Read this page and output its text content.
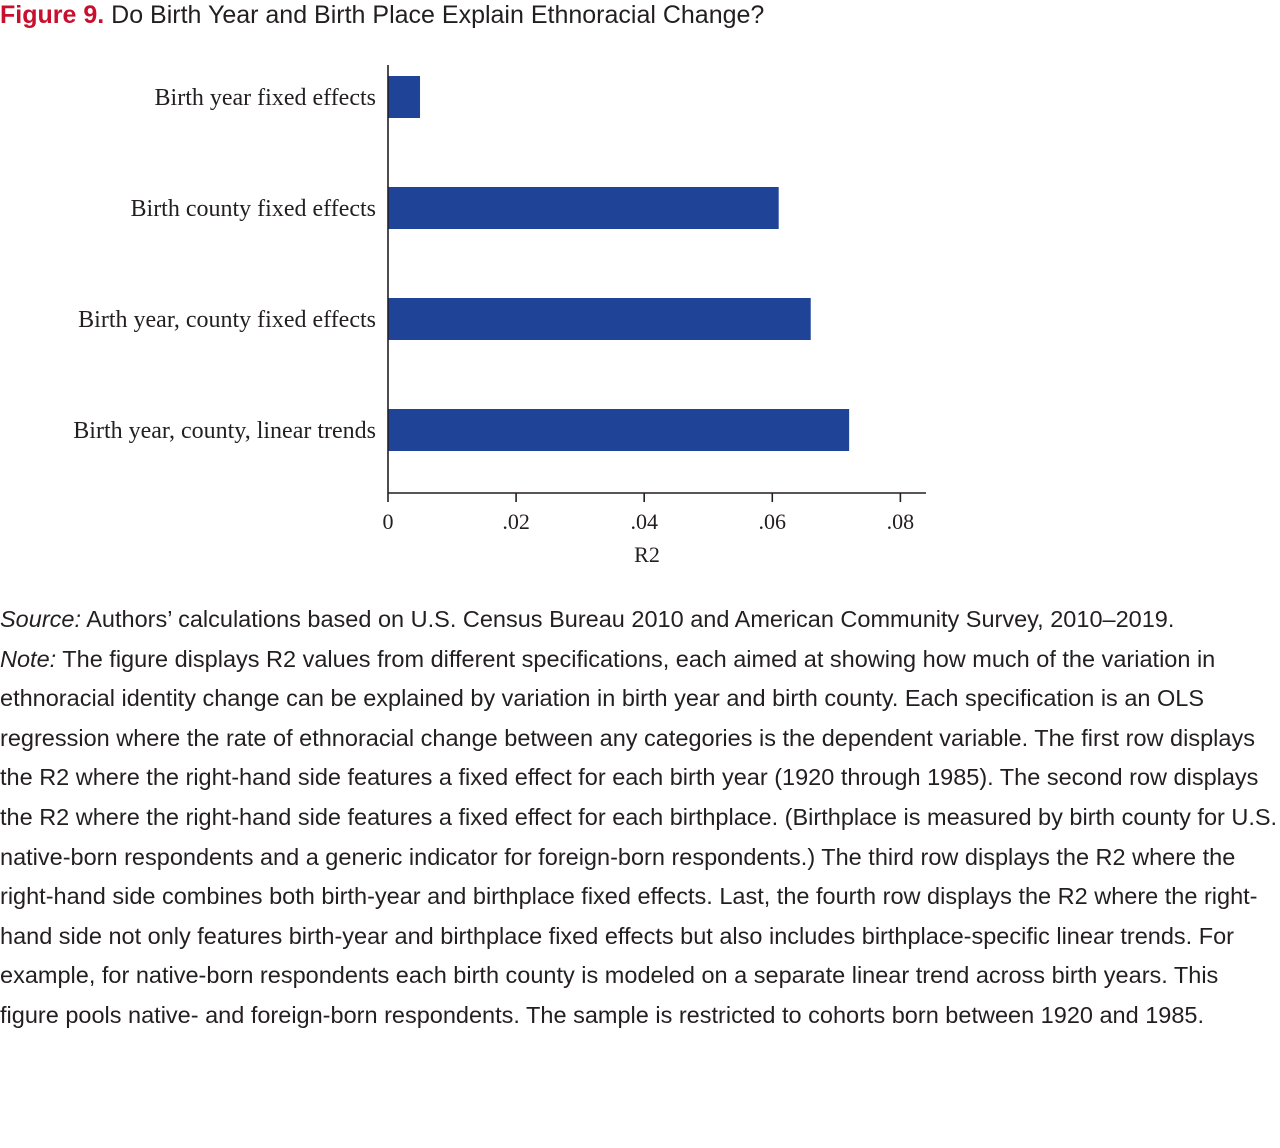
Figure 9. Do Birth Year and Birth Place Explain Ethnoracial Change?
Birth year fixed effects
Birth county fixed effects
Birth year, county fixed effects
Birth year, county, linear trends
0	.02	.04	.06	.08
R2

Source: Authors’ calculations based on U.S. Census Bureau 2010 and American Community Survey, 2010–2019.

Note: The figure displays R2 values from different specifications, each aimed at showing how much of the variation in ethnoracial identity change can be explained by variation in birth year and birth county. Each specification is an OLS regression where the rate of ethnoracial change between any categories is the dependent variable. The first row displays the R2 where the right-hand side features a fixed effect for each birth year (1920 through 1985). The second row displays the R2 where the right-hand side features a fixed effect for each birthplace. (Birthplace is measured by birth county for U.S. native-born respondents and a generic indicator for foreign-born respondents.) The third row displays the R2 where the right-hand side combines both birth-year and birthplace fixed effects. Last, the fourth row displays the R2 where the right-hand side not only features birth-year and birthplace fixed effects but also includes birthplace-specific linear trends. For example, for native-born respondents each birth county is modeled on a separate linear trend across birth years. This figure pools native- and foreign-born respondents. The sample is restricted to cohorts born between 1920 and 1985.
